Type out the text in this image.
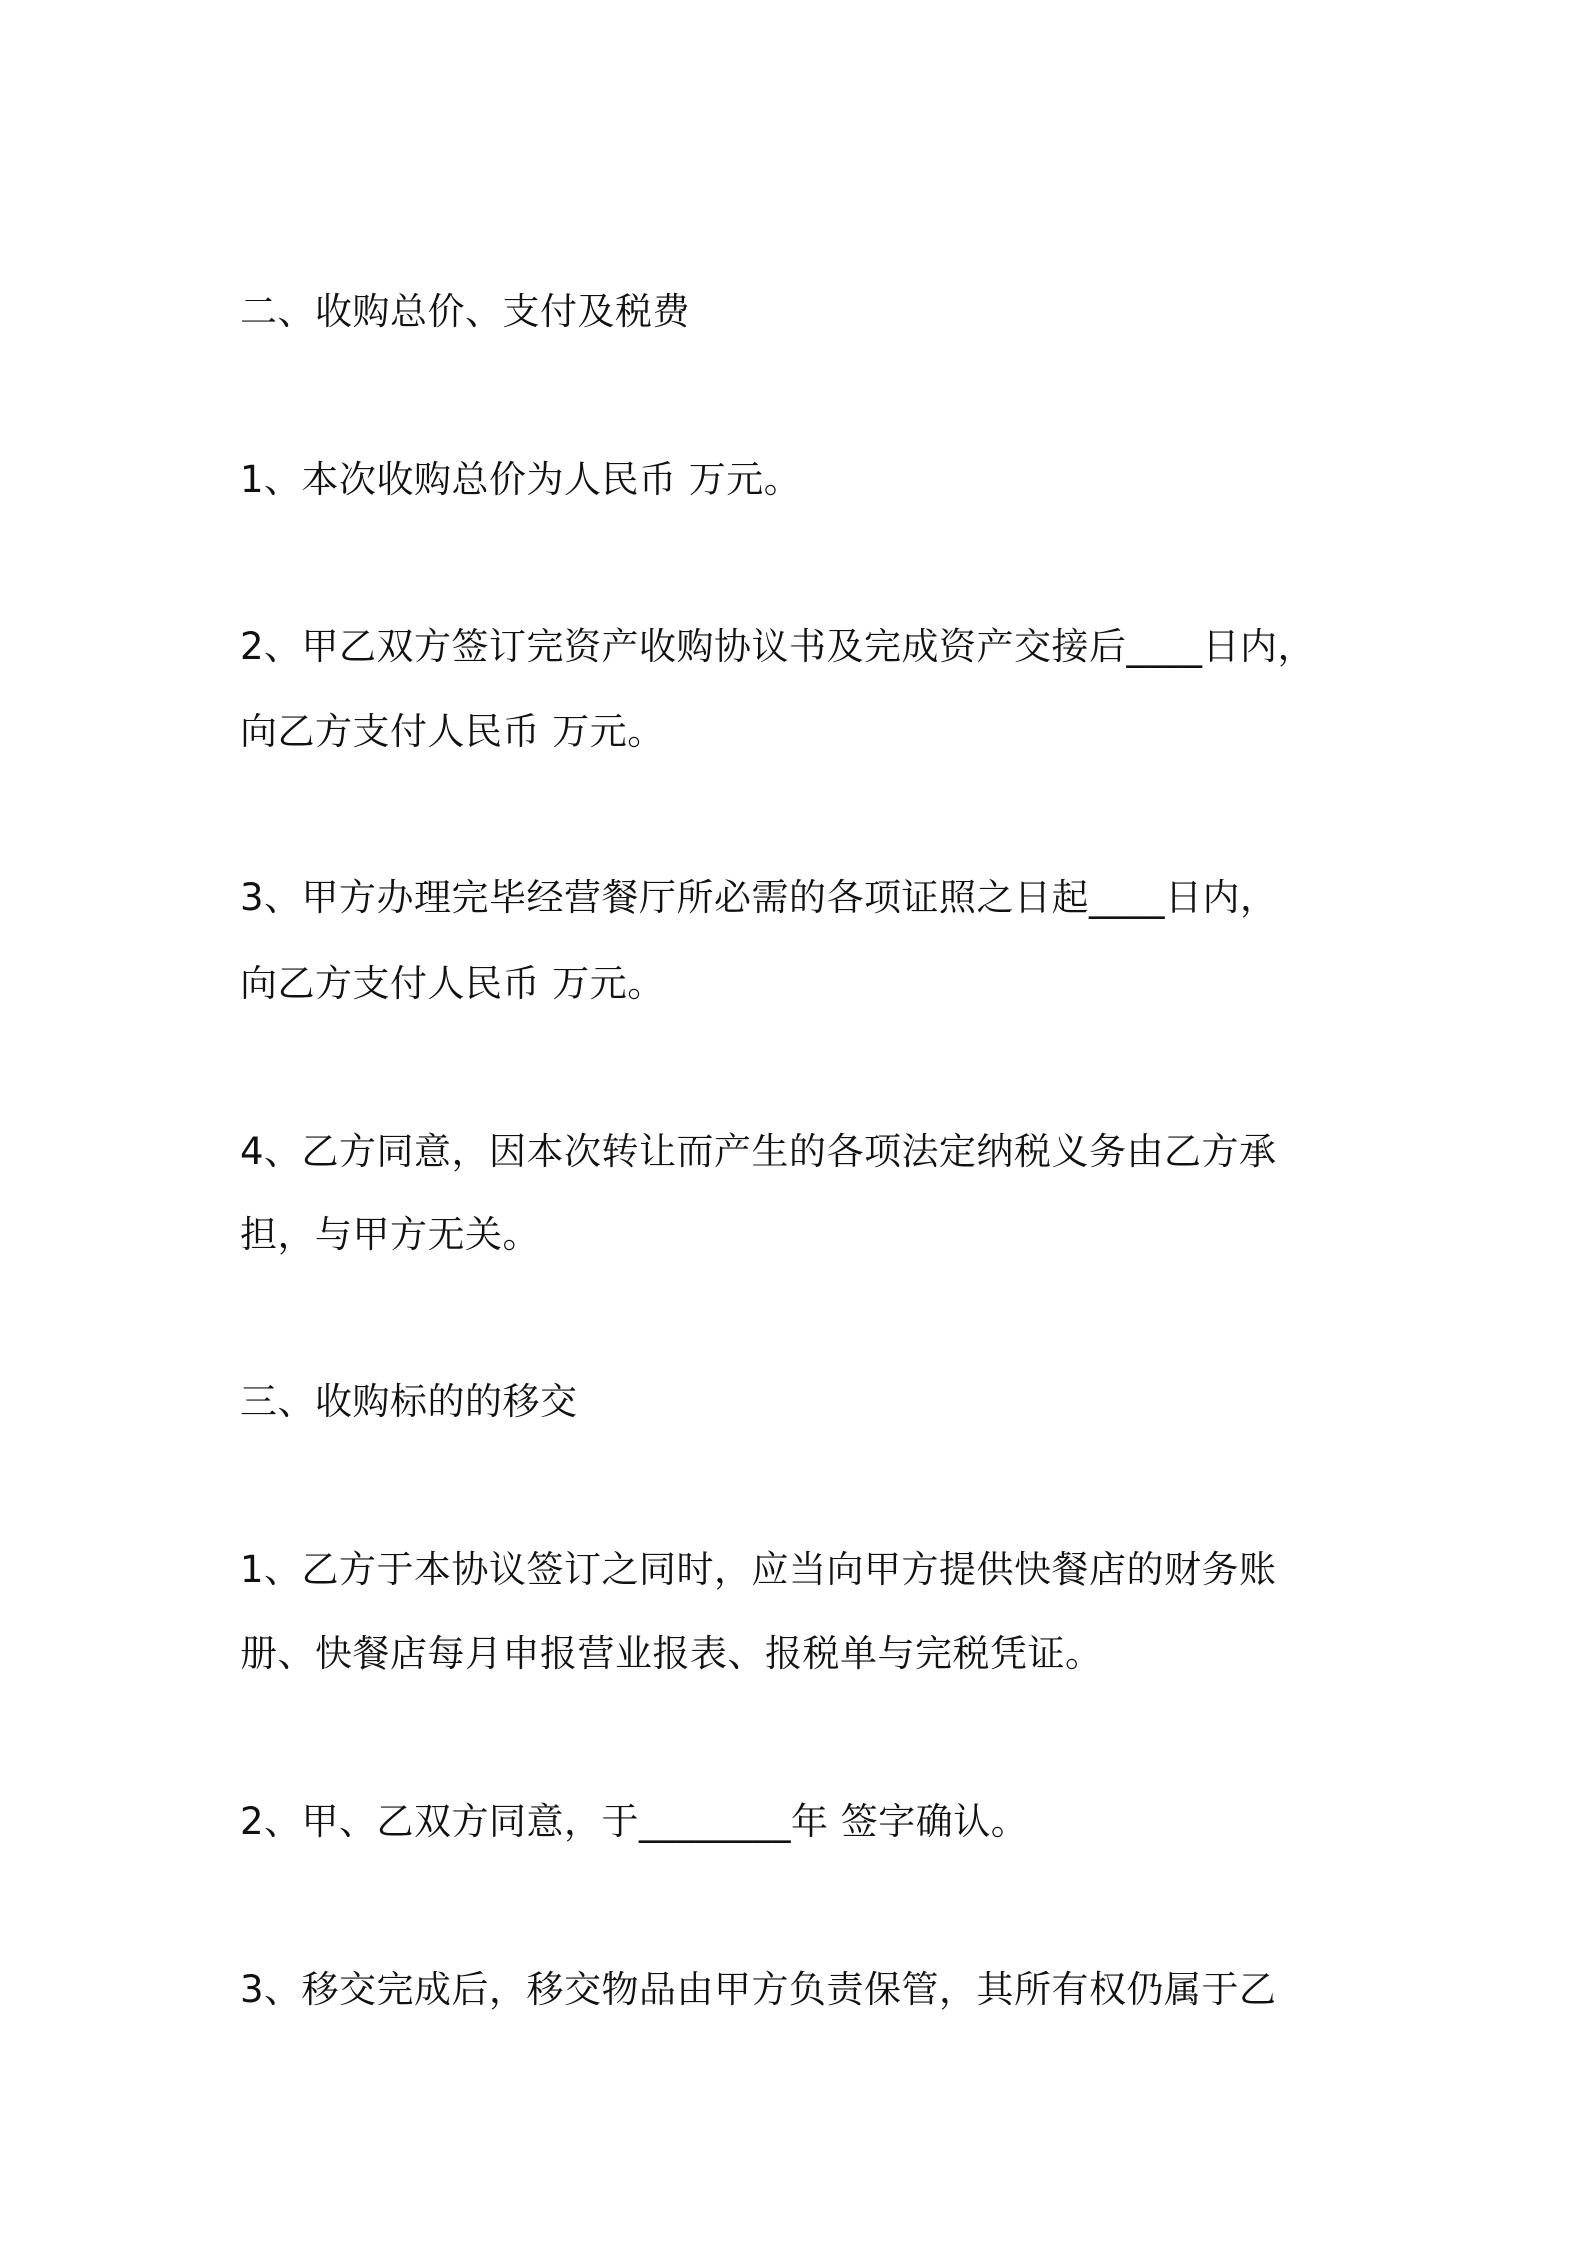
二、收购总价、支付及税费
1、本次收购总价为人民币 万元。
2、甲乙双方签订完资产收购协议书及完成资产交接后____日内，
向乙方支付人民币 万元。
3、甲方办理完毕经营餐厅所必需的各项证照之日起____日内，
向乙方支付人民币 万元。
4、乙方同意，因本次转让而产生的各项法定纳税义务由乙方承
担，与甲方无关。
三、收购标的的移交
1、乙方于本协议签订之同时，应当向甲方提供快餐店的财务账
册、快餐店每月申报营业报表、报税单与完税凭证。
2、甲、乙双方同意，于________年 签字确认。
3、移交完成后，移交物品由甲方负责保管，其所有权仍属于乙
